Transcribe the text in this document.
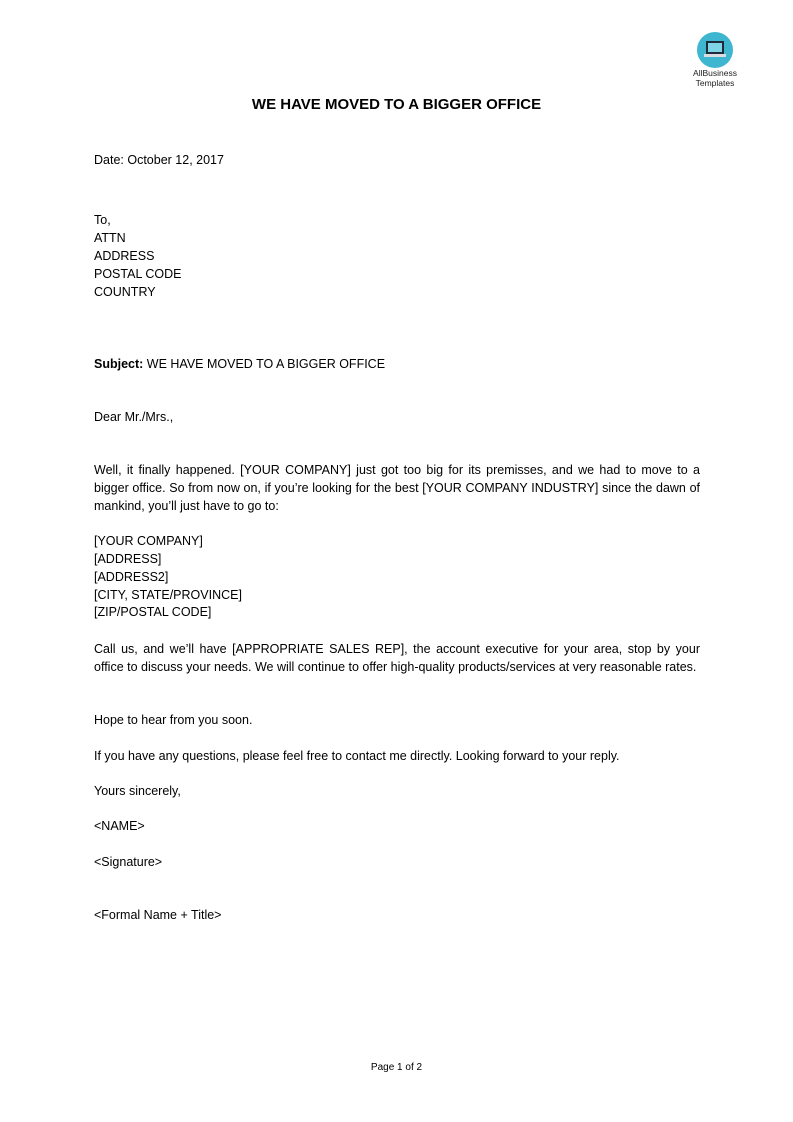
AllBusiness
Templates
WE HAVE MOVED TO A BIGGER OFFICE
Date: October 12, 2017
To,
ATTN
ADDRESS
POSTAL CODE
COUNTRY
Subject: WE HAVE MOVED TO A BIGGER OFFICE
Dear Mr./Mrs.,
Well, it finally happened. [YOUR COMPANY] just got too big for its premisses, and we had to move to a bigger office. So from now on, if you’re looking for the best [YOUR COMPANY INDUSTRY] since the dawn of mankind, you’ll just have to go to:
[YOUR COMPANY]
[ADDRESS]
[ADDRESS2]
[CITY, STATE/PROVINCE]
[ZIP/POSTAL CODE]
Call us, and we’ll have [APPROPRIATE SALES REP], the account executive for your area, stop by your office to discuss your needs. We will continue to offer high-quality products/services at very reasonable rates.
Hope to hear from you soon.
If you have any questions, please feel free to contact me directly. Looking forward to your reply.
Yours sincerely,
<NAME>
<Signature>
<Formal Name + Title>
Page 1 of 2
